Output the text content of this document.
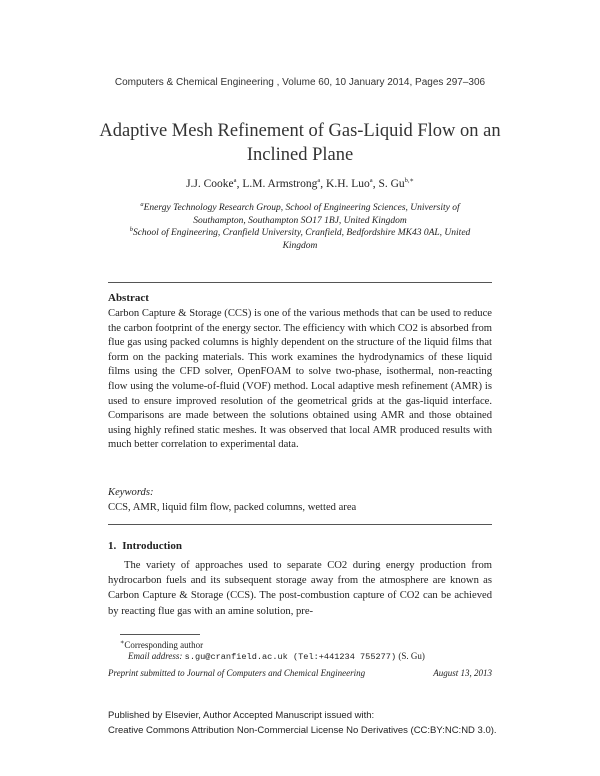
Computers & Chemical Engineering , Volume 60, 10 January 2014, Pages 297–306
Adaptive Mesh Refinement of Gas-Liquid Flow on an
Inclined Plane
J.J. Cooke$^a$, L.M. Armstrong$^a$, K.H. Luo$^a$, S. $Gu^{b,∗}$
$^a$Energy Technology Research Group, School of Engineering Sciences, University of
Southampton, Southampton SO17 1BJ, United Kingdom
$^b$School of Engineering, Cranfield University, Cranfield, Bedfordshire MK43 0AL, United
Kingdom
Abstract
Carbon Capture & Storage (CCS) is one of the various methods that can be used to reduce the carbon footprint of the energy sector. The efficiency with which CO2 is absorbed from flue gas using packed columns is highly dependent on the structure of the liquid films that form on the packing materials. This work examines the hydrodynamics of these liquid films using the CFD solver, OpenFOAM to solve two-phase, isothermal, non-reacting flow using the volume-of-fluid (VOF) method. Local adaptive mesh refinement (AMR) is used to ensure improved resolution of the geometrical grids at the gas-liquid interface. Comparisons are made between the solutions obtained using AMR and those obtained using highly refined static meshes. It was observed that local AMR produced results with much better correlation to experimental data.
Keywords:
CCS, AMR, liquid film flow, packed columns, wetted area
1. Introduction
The variety of approaches used to separate CO2 during energy production from hydrocarbon fuels and its subsequent storage away from the atmosphere are known as Carbon Capture & Storage (CCS). The post-combustion capture of CO2 can be achieved by reacting flue gas with an amine solution, pre-
∗Corresponding author
Email address: s.gu@cranfield.ac.uk (Tel:+441234 755277) (S. Gu)
Preprint submitted to Journal of Computers and Chemical Engineering	August 13, 2013
Published by Elsevier, Author Accepted Manuscript issued with:
Creative Commons Attribution Non-Commercial License No Derivatives (CC:BY:NC:ND 3.0).
